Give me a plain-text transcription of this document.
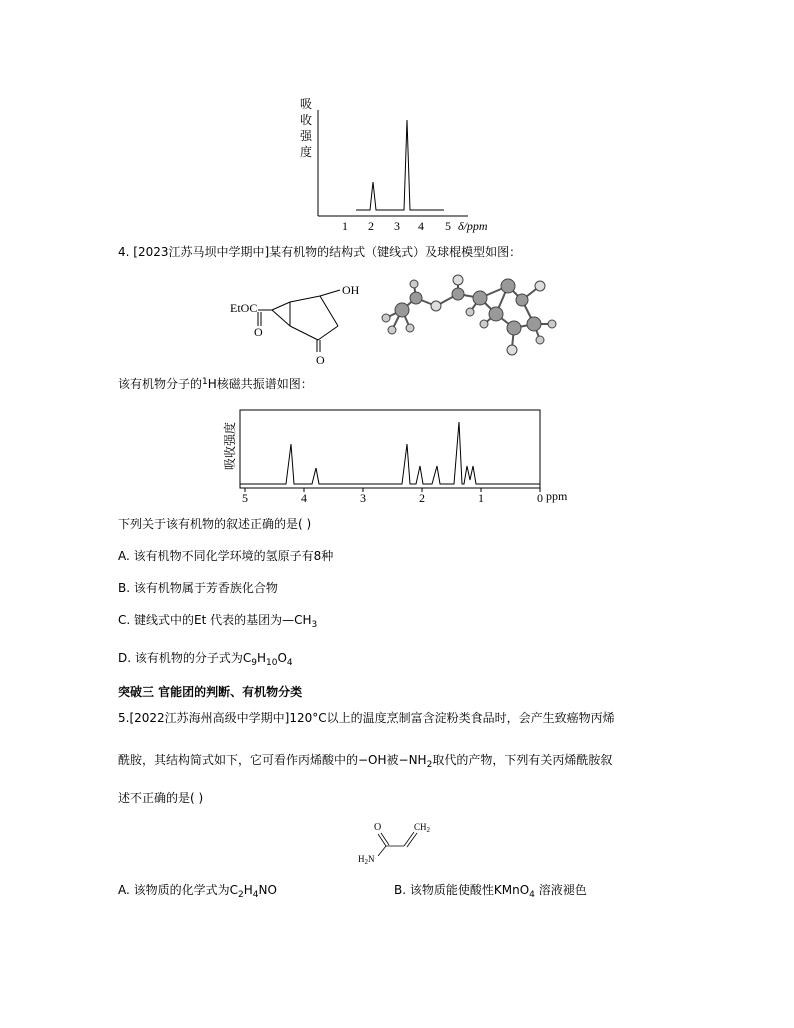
吸
收
强
度
1 2 3 4 5 δ/ppm
4. [2023江苏马坝中学期中]某有机物的结构式（键线式）及球棍模型如图：
EtOC
OH
O
O
该有机物分子的$^1$H核磁共振谱如图：
吸收强度
5	4	3	2	1	0 ppm
下列关于该有机物的叙述正确的是( )
A. 该有机物不同化学环境的氢原子有8种
B. 该有机物属于芳香族化合物
C. 键线式中的Et 代表的基团为$—CH_3$
D. 该有机物的分子式为$C_9H_{10}O_4$
突破三 官能团的判断、有机物分类
5.[2022江苏海州高级中学期中]120°C以上的温度烹制富含淀粉类食品时，会产生致癌物丙烯
酰胺，其结构简式如下，它可看作丙烯酸中的−OH被$-NH_2$取代的产物，下列有关丙烯酰胺叙
述不正确的是( )
O	$CH_2$
$H_2N$
A. 该物质的化学式为$C_2H_4NO$	B. 该物质能使酸性KMnO$_4$ 溶液褪色
